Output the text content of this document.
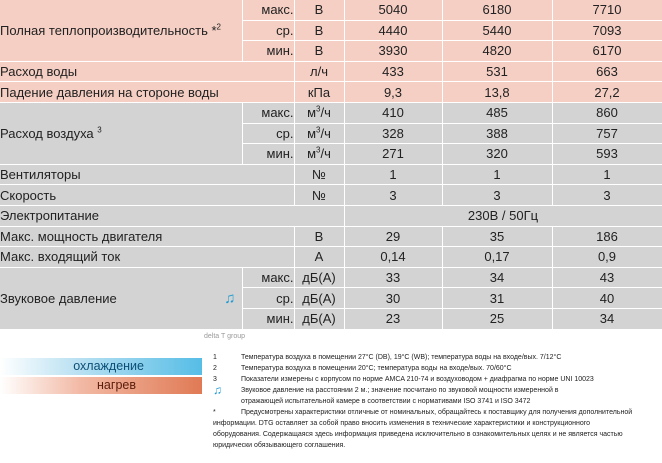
Полная теплопроизводительность *$^2$	макс.	В	5040	6180	7710
	ср.	В	4440	5440	7093
	мин.	В	3930	4820	6170
Расход воды		л/ч	433	531	663
Падение давления на стороне воды		кПа	9,3	13,8	27,2
Расход воздуха $^3$	макс.	$м^3/ч$	410	485	860
	ср.	$м^3/ч$	328	388	757
	мин.	$м^3/ч$	271	320	593
Вентиляторы		№	1	1	1
Скорость		№	3	3	3
Электропитание			230В / 50Гц		
Макс. мощность двигателя		В	29	35	186
Макс. входящий ток		A	0,14	0,17	0,9

Звуковое давление ♫	макс.	дБ(А)	33	34	43
	ср.	дБ(А)	30	31	40
	мин.	дБ(А)	23	25	34
delta T group
охлаждение
нагрев
1	Температура воздуха в помещении 27°C (DB), 19°C (WB); температура воды на входе/вых. 7/12°C
2	Температура воздуха в помещении 20°C; температура воды на входе/вых. 70/60°C
3	Показатели измерены с корпусом по норме AMCA 210-74 и воздуховодом + диафрагма по норме UNI 10023
♫	Звуковое давление на расстоянии 2 м.; значение посчитано по звуковой мощности измеренной в
отражающей испытательной камере в соответствии с нормативами ISO 3741 и ISO 3472
*	Предусмотрены характеристики отличные от номинальных, обращайтесь к поставщику для получения дополнительной
информации. DTG оставляет за собой право вносить изменения в технические характеристики и конструкционного
оборудования. Содержащаяся здесь информация приведена исключительно в ознакомительных целях и не является частью
юридически обязывающего соглашения.
